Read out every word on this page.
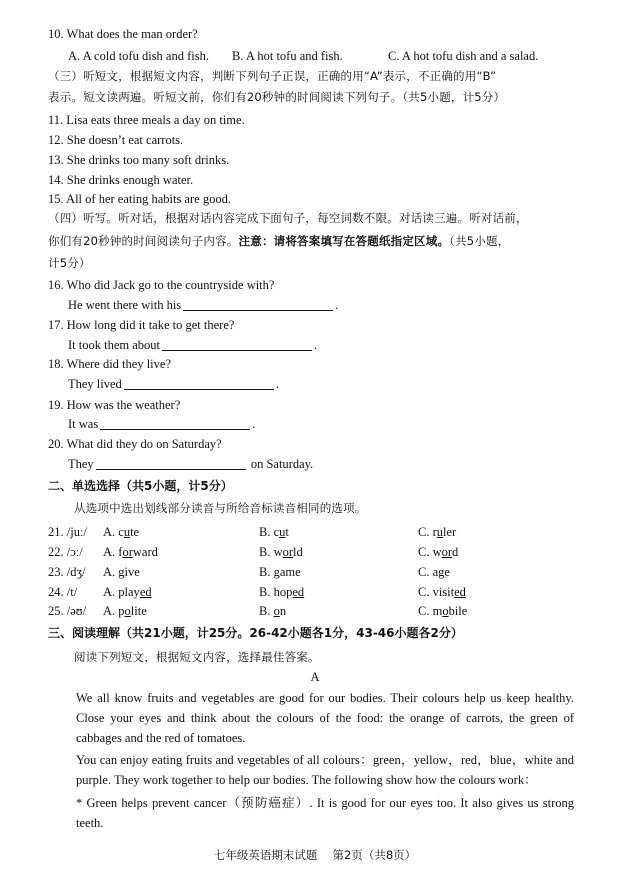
10. What does the man order?
A. A cold tofu dish and fish. B. A hot tofu and fish.	C. A hot tofu dish and a salad.
（三）听短文，根据短文内容，判断下列句子正误，正确的用“A”表示，不正确的用“B”
表示。短文读两遍。听短文前，你们有20秒钟的时间阅读下列句子。（共5小题，计5分）
11. Lisa eats three meals a day on time.
12. She doesn’t eat carrots.
13. She drinks too many soft drinks.
14. She drinks enough water.
15. All of her eating habits are good.
（四）听写。听对话，根据对话内容完成下面句子，每空词数不限。对话读三遍。听对话前，
你们有20秒钟的时间阅读句子内容。注意：请将答案填写在答题纸指定区域。（共5小题，
计5分）
16. Who did Jack go to the countryside with?
He went there with his	.
17. How long did it take to get there?
It took them about	.
18. Where did they live?
They lived	.
19. How was the weather?
It was	.
20. What did they do on Saturday?
They	on Saturday.
二、单选选择（共5小题，计5分）
从选项中选出划线部分读音与所给音标读音相同的选项。
21. /juː/ A. cute	B. cut	C. ruler
22. /ɔː/ A. forward	B. world	C. word
23. /dʒ/ A. give	B. game	C. age
24. /t/ A. played	B. hoped	C. visited
25. /əʊ/ A. polite	B. on	C. mobile
三、阅读理解（共21小题，计25分。26-42小题各1分，43-46小题各2分）
阅读下列短文，根据短文内容，选择最佳答案。
A
We all know fruits and vegetables are good for our bodies. Their colours help us keep healthy. Close your eyes and think about the colours of the food: the orange of carrots, the green of cabbages and the red of tomatoes.
You can enjoy eating fruits and vegetables of all colours：green，yellow，red，blue，white and purple. They work together to help our bodies. The following show how the colours work：
* Green helps prevent cancer（预防癌症）. It is good for our eyes too. It also gives us strong teeth.
七年级英语期末试题　 第2页（共8页）
